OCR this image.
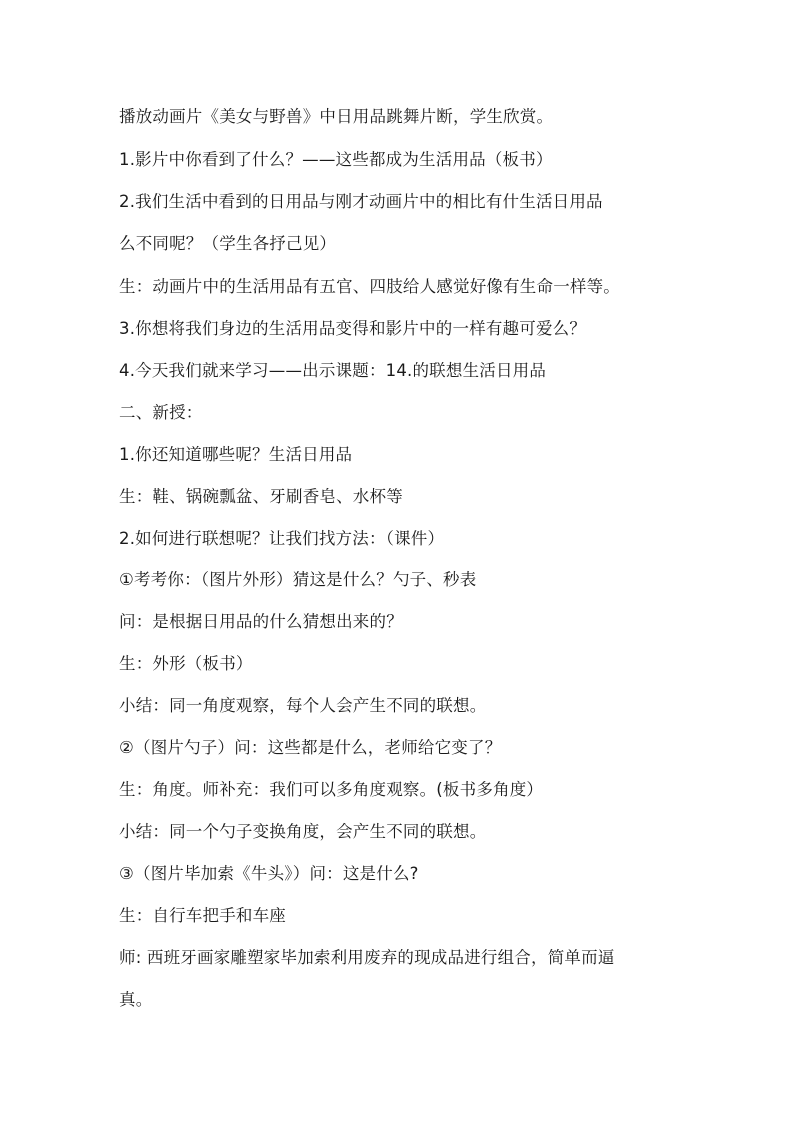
播放动画片《美女与野兽》中日用品跳舞片断，学生欣赏。
1.影片中你看到了什么？——这些都成为生活用品（板书）
2.我们生活中看到的日用品与刚才动画片中的相比有什生活日用品
么不同呢？（学生各抒己见）
生：动画片中的生活用品有五官、四肢给人感觉好像有生命一样等。
3.你想将我们身边的生活用品变得和影片中的一样有趣可爱么？
4.今天我们就来学习——出示课题：14.的联想生活日用品
二、新授：
1.你还知道哪些呢？生活日用品
生：鞋、锅碗瓢盆、牙刷香皂、水杯等
2.如何进行联想呢？让我们找方法：（课件）
①考考你：（图片外形）猜这是什么？勺子、秒表
问：是根据日用品的什么猜想出来的？
生：外形（板书）
小结：同一角度观察，每个人会产生不同的联想。
②（图片勺子）问：这些都是什么，老师给它变了？
生：角度。师补充：我们可以多角度观察。(板书多角度）
小结：同一个勺子变换角度，会产生不同的联想。
③（图片毕加索《牛头》）问：这是什么?
生：自行车把手和车座
师: 西班牙画家雕塑家毕加索利用废弃的现成品进行组合，简单而逼
真。
